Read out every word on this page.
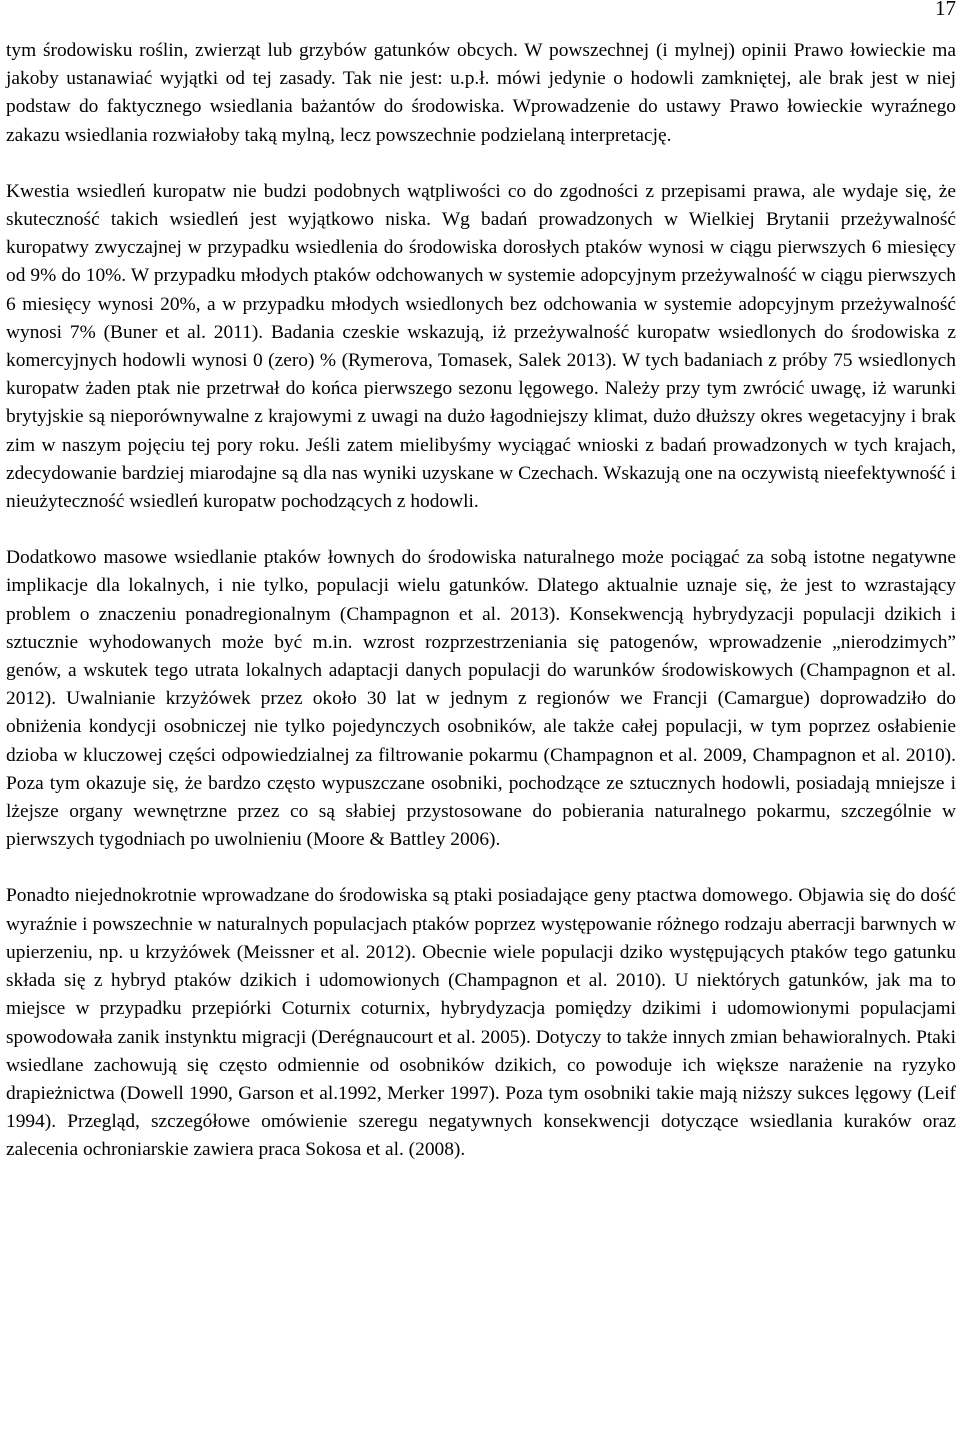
17

tym środowisku roślin, zwierząt lub grzybów gatunków obcych. W powszechnej (i mylnej) opinii Prawo łowieckie ma jakoby ustanawiać wyjątki od tej zasady. Tak nie jest: u.p.ł. mówi jedynie o hodowli zamkniętej, ale brak jest w niej podstaw do faktycznego wsiedlania bażantów do środowiska. Wprowadzenie do ustawy Prawo łowieckie wyraźnego zakazu wsiedlania rozwiałoby taką mylną, lecz powszechnie podzielaną interpretację.

Kwestia wsiedleń kuropatw nie budzi podobnych wątpliwości co do zgodności z przepisami prawa, ale wydaje się, że skuteczność takich wsiedleń jest wyjątkowo niska. Wg badań prowadzonych w Wielkiej Brytanii przeżywalność kuropatwy zwyczajnej w przypadku wsiedlenia do środowiska dorosłych ptaków wynosi w ciągu pierwszych 6 miesięcy od 9% do 10%. W przypadku młodych ptaków odchowanych w systemie adopcyjnym przeżywalność w ciągu pierwszych 6 miesięcy wynosi 20%, a w przypadku młodych wsiedlonych bez odchowania w systemie adopcyjnym przeżywalność wynosi 7% (Buner et al. 2011). Badania czeskie wskazują, iż przeżywalność kuropatw wsiedlonych do środowiska z komercyjnych hodowli wynosi 0 (zero) % (Rymerova, Tomasek, Salek 2013). W tych badaniach z próby 75 wsiedlonych kuropatw żaden ptak nie przetrwał do końca pierwszego sezonu lęgowego. Należy przy tym zwrócić uwagę, iż warunki brytyjskie są nieporównywalne z krajowymi z uwagi na dużo łagodniejszy klimat, dużo dłuższy okres wegetacyjny i brak zim w naszym pojęciu tej pory roku. Jeśli zatem mielibyśmy wyciągać wnioski z badań prowadzonych w tych krajach, zdecydowanie bardziej miarodajne są dla nas wyniki uzyskane w Czechach. Wskazują one na oczywistą nieefektywność i nieużyteczność wsiedleń kuropatw pochodzących z hodowli.

Dodatkowo masowe wsiedlanie ptaków łownych do środowiska naturalnego może pociągać za sobą istotne negatywne implikacje dla lokalnych, i nie tylko, populacji wielu gatunków. Dlatego aktualnie uznaje się, że jest to wzrastający problem o znaczeniu ponadregionalnym (Champagnon et al. 2013). Konsekwencją hybrydyzacji populacji dzikich i sztucznie wyhodowanych może być m.in. wzrost rozprzestrzeniania się patogenów, wprowadzenie „nierodzimych” genów, a wskutek tego utrata lokalnych adaptacji danych populacji do warunków środowiskowych (Champagnon et al. 2012). Uwalnianie krzyżówek przez około 30 lat w jednym z regionów we Francji (Camargue) doprowadziło do obniżenia kondycji osobniczej nie tylko pojedynczych osobników, ale także całej populacji, w tym poprzez osłabienie dzioba w kluczowej części odpowiedzialnej za filtrowanie pokarmu (Champagnon et al. 2009, Champagnon et al. 2010). Poza tym okazuje się, że bardzo często wypuszczane osobniki, pochodzące ze sztucznych hodowli, posiadają mniejsze i lżejsze organy wewnętrzne przez co są słabiej przystosowane do pobierania naturalnego pokarmu, szczególnie w pierwszych tygodniach po uwolnieniu (Moore & Battley 2006).

Ponadto niejednokrotnie wprowadzane do środowiska są ptaki posiadające geny ptactwa domowego. Objawia się do dość wyraźnie i powszechnie w naturalnych populacjach ptaków poprzez występowanie różnego rodzaju aberracji barwnych w upierzeniu, np. u krzyżówek (Meissner et al. 2012). Obecnie wiele populacji dziko występujących ptaków tego gatunku składa się z hybryd ptaków dzikich i udomowionych (Champagnon et al. 2010). U niektórych gatunków, jak ma to miejsce w przypadku przepiórki Coturnix coturnix, hybrydyzacja pomiędzy dzikimi i udomowionymi populacjami spowodowała zanik instynktu migracji (Derégnaucourt et al. 2005). Dotyczy to także innych zmian behawioralnych. Ptaki wsiedlane zachowują się często odmiennie od osobników dzikich, co powoduje ich większe narażenie na ryzyko drapieżnictwa (Dowell 1990, Garson et al.1992, Merker 1997). Poza tym osobniki takie mają niższy sukces lęgowy (Leif 1994). Przegląd, szczegółowe omówienie szeregu negatywnych konsekwencji dotyczące wsiedlania kuraków oraz zalecenia ochroniarskie zawiera praca Sokosa et al. (2008).
